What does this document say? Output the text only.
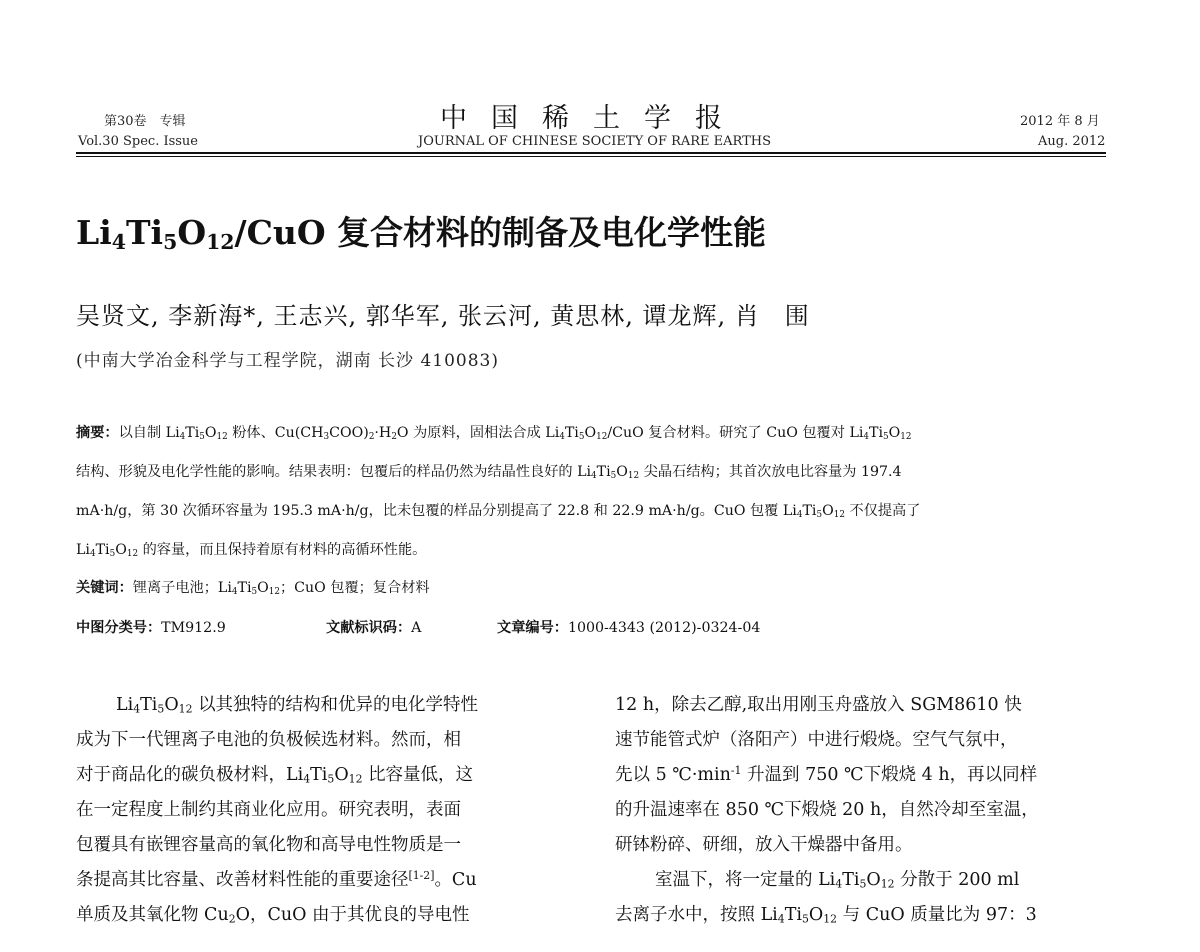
第30卷　专辑
Vol.30 Spec. Issue
中国稀土学报
JOURNAL OF CHINESE SOCIETY OF RARE EARTHS
2012 年 8 月
Aug. 2012
$Li_4Ti_5O_{12}$/CuO 复合材料的制备及电化学性能
吴贤文, 李新海*, 王志兴, 郭华军, 张云河, 黄思林, 谭龙辉, 肖　围
(中南大学冶金科学与工程学院，湖南 长沙 410083)
摘要：以自制 $Li_4Ti_5O_{12}$ 粉体、$Cu(CH_3COO)_2\cdot H_2O$ 为原料，固相法合成 $Li_4Ti_5O_{12}$/CuO 复合材料。研究了 CuO 包覆对 $Li_4Ti_5O_{12}$
结构、形貌及电化学性能的影响。结果表明：包覆后的样品仍然为结晶性良好的 $Li_4Ti_5O_{12}$ 尖晶石结构；其首次放电比容量为 197.4
mA·h/g，第 30 次循环容量为 195.3 mA·h/g，比未包覆的样品分别提高了 22.8 和 22.9 mA·h/g。CuO 包覆 $Li_4Ti_5O_{12}$ 不仅提高了
$Li_4Ti_5O_{12}$ 的容量，而且保持着原有材料的高循环性能。
关键词：锂离子电池；$Li_4Ti_5O_{12}$；CuO 包覆；复合材料
中图分类号：TM912.9	文献标识码：A	文章编号：1000-4343 (2012)-0324-04
$Li_4Ti_5O_{12}$ 以其独特的结构和优异的电化学特性
成为下一代锂离子电池的负极候选材料。然而，相
对于商品化的碳负极材料，$Li_4Ti_5O_{12}$ 比容量低，这
在一定程度上制约其商业化应用。研究表明，表面
包覆具有嵌锂容量高的氧化物和高导电性物质是一
条提高其比容量、改善材料性能的重要途径[1-2]。Cu
单质及其氧化物 $Cu_2O$，CuO 由于其优良的导电性
12 h，除去乙醇,取出用刚玉舟盛放入 SGM8610 快
速节能管式炉（洛阳产）中进行煅烧。空气气氛中，
先以 5 $℃\cdot\min^{-1}$ 升温到 750 ℃下煅烧 4 h，再以同样
的升温速率在 850 ℃下煅烧 20 h，自然冷却至室温，
研钵粉碎、研细，放入干燥器中备用。
室温下，将一定量的 $Li_4Ti_5O_{12}$ 分散于 200 ml
去离子水中，按照 $Li_4Ti_5O_{12}$ 与 CuO 质量比为 97：3
